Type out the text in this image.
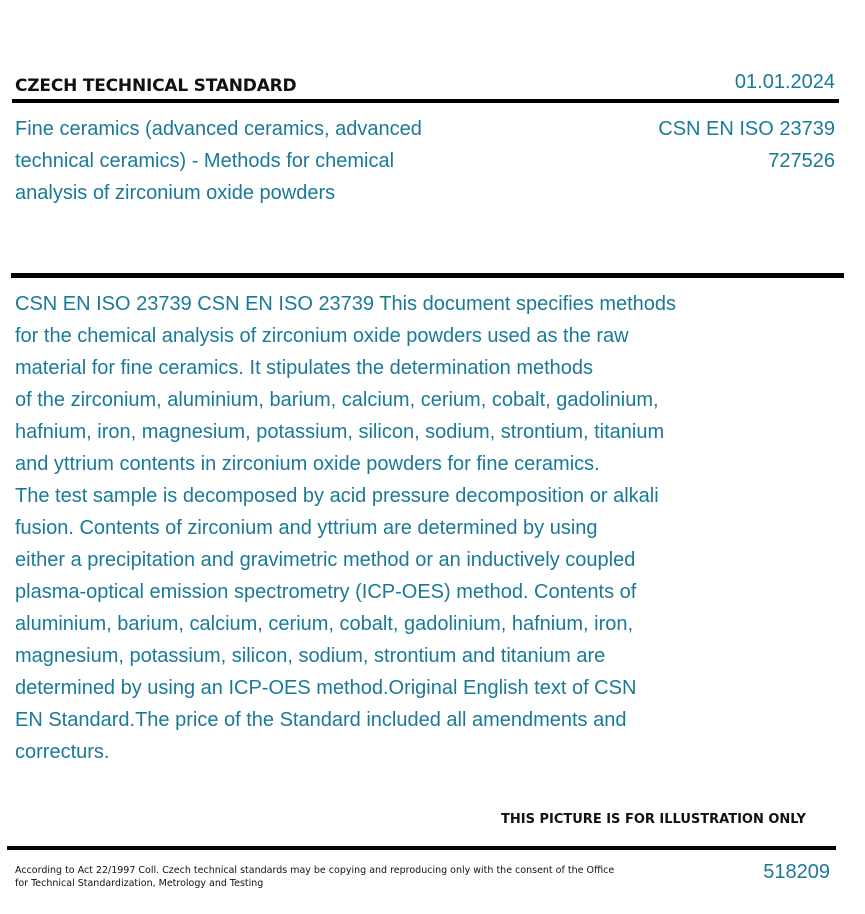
CZECH TECHNICAL STANDARD	01.01.2024
Fine ceramics (advanced ceramics, advanced
technical ceramics) - Methods for chemical
analysis of zirconium oxide powders
CSN EN ISO 23739
727526
CSN EN ISO 23739 CSN EN ISO 23739 This document specifies methods
for the chemical analysis of zirconium oxide powders used as the raw
material for fine ceramics. It stipulates the determination methods
of the zirconium, aluminium, barium, calcium, cerium, cobalt, gadolinium,
hafnium, iron, magnesium, potassium, silicon, sodium, strontium, titanium
and yttrium contents in zirconium oxide powders for fine ceramics.
The test sample is decomposed by acid pressure decomposition or alkali
fusion. Contents of zirconium and yttrium are determined by using
either a precipitation and gravimetric method or an inductively coupled
plasma-optical emission spectrometry (ICP-OES) method. Contents of
aluminium, barium, calcium, cerium, cobalt, gadolinium, hafnium, iron,
magnesium, potassium, silicon, sodium, strontium and titanium are
determined by using an ICP-OES method.Original English text of CSN
EN Standard.The price of the Standard included all amendments and
correcturs.
THIS PICTURE IS FOR ILLUSTRATION ONLY
According to Act 22/1997 Coll. Czech technical standards may be copying and reproducing only with the consent of the Office
for Technical Standardization, Metrology and Testing
518209
